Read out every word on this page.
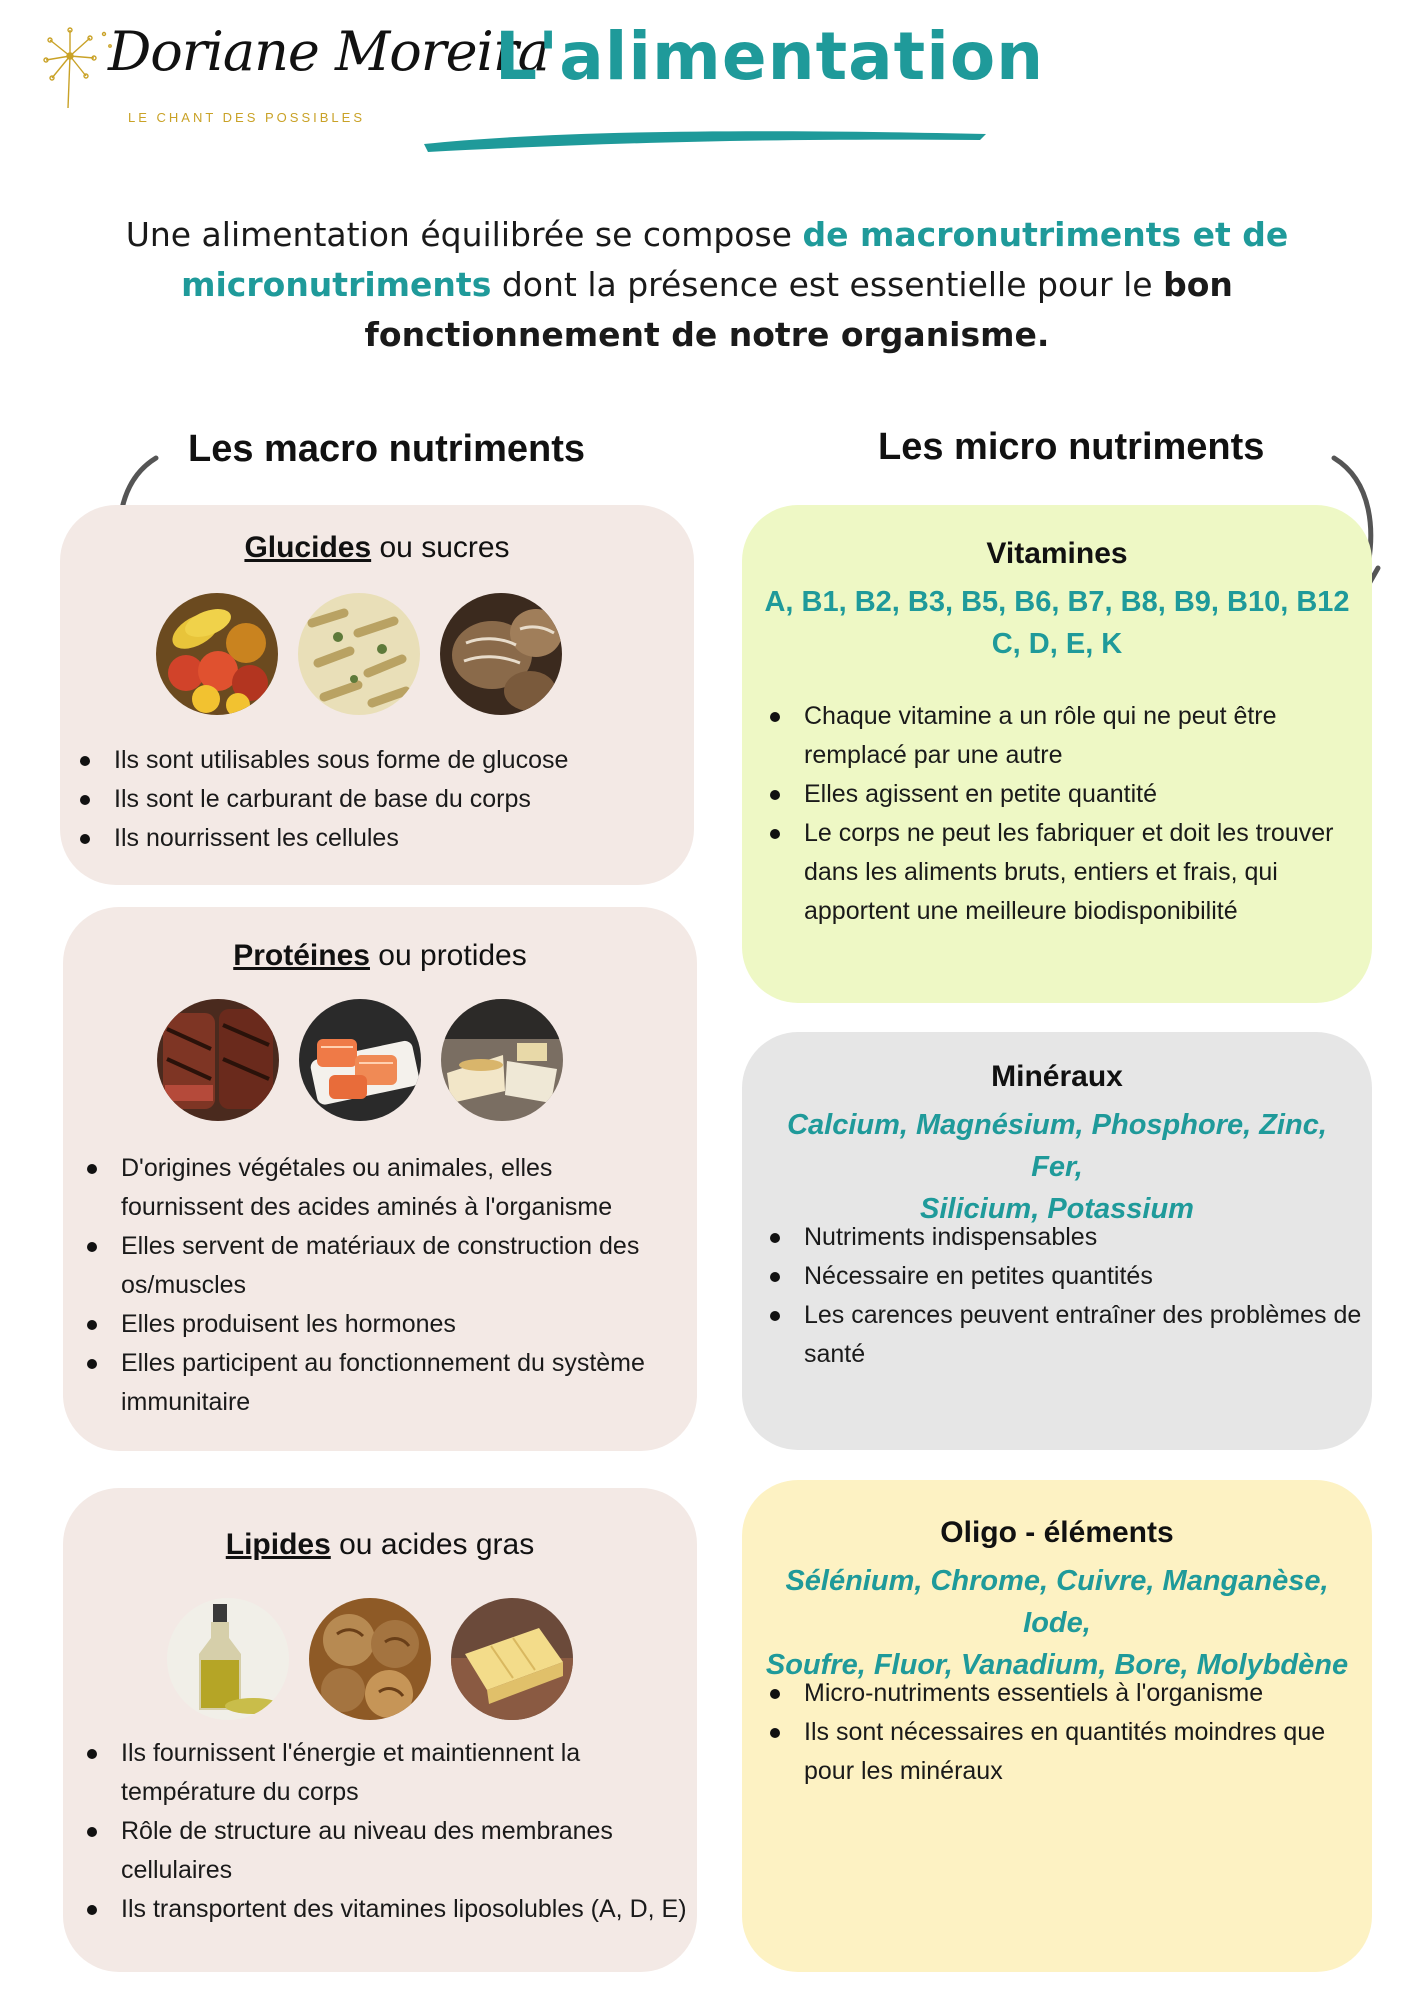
Doriane Moreira
LE CHANT DES POSSIBLES
L'alimentation
Une alimentation équilibrée se compose de macronutriments et de
micronutriments dont la présence est essentielle pour le bon
fonctionnement de notre organisme.
Les macro nutriments	Les micro nutriments
Glucides ou sucres
Ils sont utilisables sous forme de glucose
Ils sont le carburant de base du corps
Ils nourrissent les cellules
Protéines ou protides
D'origines végétales ou animales, elles fournissent des acides aminés à l'organisme
Elles servent de matériaux de construction des os/muscles
Elles produisent les hormones
Elles participent au fonctionnement du système immunitaire
Lipides ou acides gras
Ils fournissent l'énergie et maintiennent la température du corps
Rôle de structure au niveau des membranes cellulaires
Ils transportent des vitamines liposolubles (A, D, E)
Vitamines
A, B1, B2, B3, B5, B6, B7, B8, B9, B10, B12
C, D, E, K
Chaque vitamine a un rôle qui ne peut être remplacé par une autre
Elles agissent en petite quantité
Le corps ne peut les fabriquer et doit les trouver dans les aliments bruts, entiers et frais, qui apportent une meilleure biodisponibilité
Minéraux
Calcium, Magnésium, Phosphore, Zinc, Fer,
Silicium, Potassium
Nutriments indispensables
Nécessaire en petites quantités
Les carences peuvent entraîner des problèmes de santé
Oligo - éléments
Sélénium, Chrome, Cuivre, Manganèse, Iode,
Soufre, Fluor, Vanadium, Bore, Molybdène
Micro-nutriments essentiels à l'organisme
Ils sont nécessaires en quantités moindres que pour les minéraux
